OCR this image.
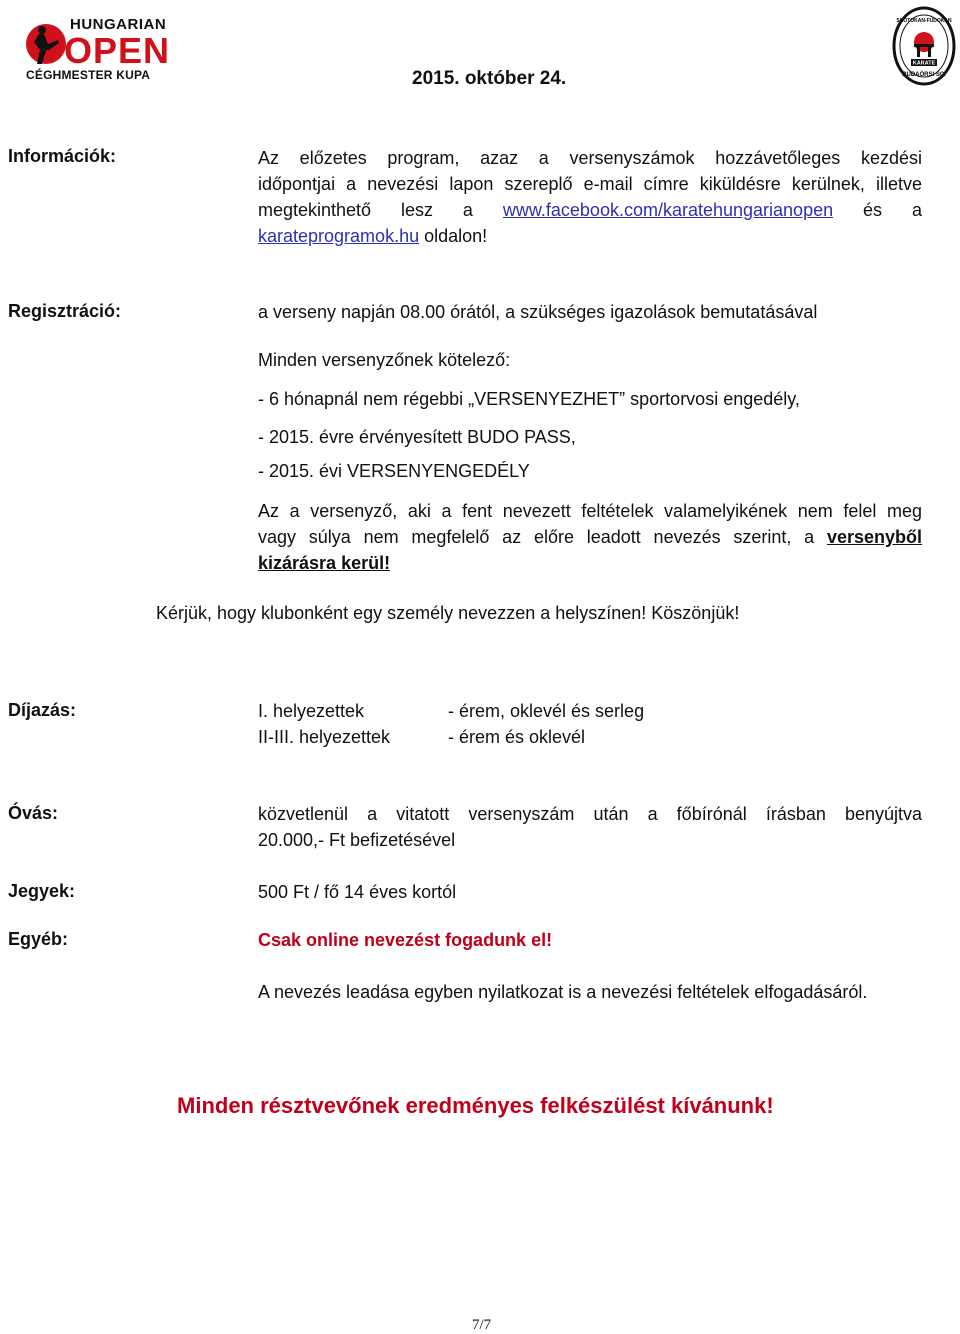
HUNGARIAN
OPEN
CÉGHMESTER KUPA	2015. október 24.
SHOTOKAN-FUDOKAN
KARATE
BUDAÖRSI SC.
Információk:	Az előzetes program, azaz a versenyszámok hozzávetőleges kezdési
időpontjai a nevezési lapon szereplő e-mail címre kiküldésre kerülnek, illetve
megtekinthető lesz a www.facebook.com/karatehungarianopen és a
karateprogramok.hu oldalon!
Regisztráció:	a verseny napján 08.00 órától, a szükséges igazolások bemutatásával
Minden versenyzőnek kötelező:
- 6 hónapnál nem régebbi „VERSENYEZHET” sportorvosi engedély,
- 2015. évre érvényesített BUDO PASS,
- 2015. évi VERSENYENGEDÉLY
Az a versenyző, aki a fent nevezett feltételek valamelyikének nem felel meg
vagy súlya nem megfelelő az előre leadott nevezés szerint, a versenyből
kizárásra kerül!
Kérjük, hogy klubonként egy személy nevezzen a helyszínen! Köszönjük!
Díjazás:	I. helyezettek	- érem, oklevél és serleg
II-III. helyezettek	- érem és oklevél
Óvás:	közvetlenül a vitatott versenyszám után a főbírónál írásban benyújtva
20.000,- Ft befizetésével
Jegyek:	500 Ft / fő 14 éves kortól
Egyéb:	Csak online nevezést fogadunk el!
A nevezés leadása egyben nyilatkozat is a nevezési feltételek elfogadásáról.
Minden résztvevőnek eredményes felkészülést kívánunk!
7/7
